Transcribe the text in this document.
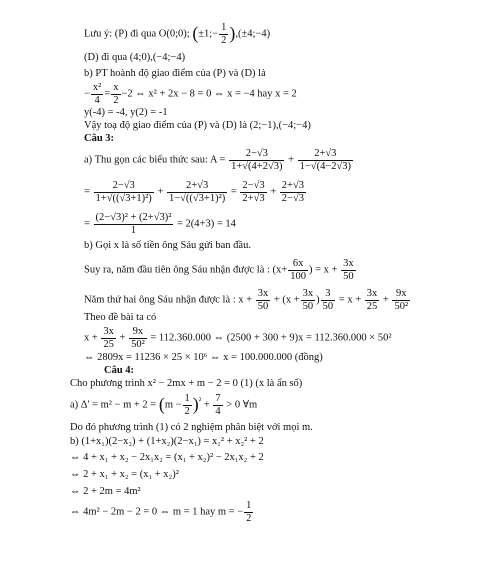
Lưu ý: (P) đi qua O(0;0); (±1;− $\frac{1}{2}$ ),(±4;−4)
(D) đi qua (4;0),(−4;−4)
b) PT hoành độ giao điểm của (P) và (D) là
− $\frac{\text{x²}}{4} = \frac{x}{2} -2$ ⇔ x² + 2x − 8 = 0 ⇔ x = −4 hay x = 2
y(-4) = -4, y(2) = -1
Vậy toạ độ giao điểm của (P) và (D) là (2;−1),(−4;−4)
Câu 3:
a) Thu gọn các biểu thức sau: $A = \frac{2-√3}{1+√(4+2√3)} + \frac{2+√3}{1-√(4-2√3)}$
= $\frac{2-√3}{\text{1+√((√3+1)²)}} + \frac{2+√3}{\text{1−√((√3+1)²)}} = \frac{2-√3}{2+√3} + \frac{2+√3}{2-√3}$
= $\frac{\text{(2−√3)² + (2+√3)²}}{1} = 2(4+3) = 14$
b) Gọi x là số tiền ông Sáu gửi ban đầu.
Suy ra, năm đầu tiên ông Sáu nhận được là : ($x+ \frac{6x}{100}$ ) = $x + \frac{3x}{50}$
Năm thứ hai ông Sáu nhận được là : $x + \frac{3x}{50} + (x + \frac{3x}{50}$ ) $\frac{3}{50} = x + \frac{3x}{25} + \frac{9x}{\text{50²}}$
Theo đề bài ta có
$x + \frac{3x}{25} + \frac{9x}{\text{50²}} = 112.360.000$ ⇔ (2500 + 300 + 9)x = 112.360.000 × 50²
⇔ 2809x = 11236 × 25 × 10⁶ ⇔ x = 100.000.000 (đồng)
Câu 4:
Cho phương trình x² − 2mx + m − 2 = 0 (1) (x là ẩn số)
a) $\Delta' = m^2 - m + 2 = (m - \frac{1}{2} )^{^2} + \frac{7}{4} > 0$ ∀m
Do đó phương trình (1) có 2 nghiệm phân biệt với mọi m.
b) (1+x₁)(2−x₂) + (1+x₂)(2−x₁) = x₁² + x₂² + 2
⇔ 4 + x₁ + x₂ − 2x₁x₂ = (x₁ + x₂)² − 2x₁x₂ + 2
⇔ 2 + x₁ + x₂ = (x₁ + x₂)²
⇔ 2 + 2m = 4m²
⇔ 4m² − 2m − 2 = 0 ⇔ m = 1 hay m = − $\frac{1}{2}$
